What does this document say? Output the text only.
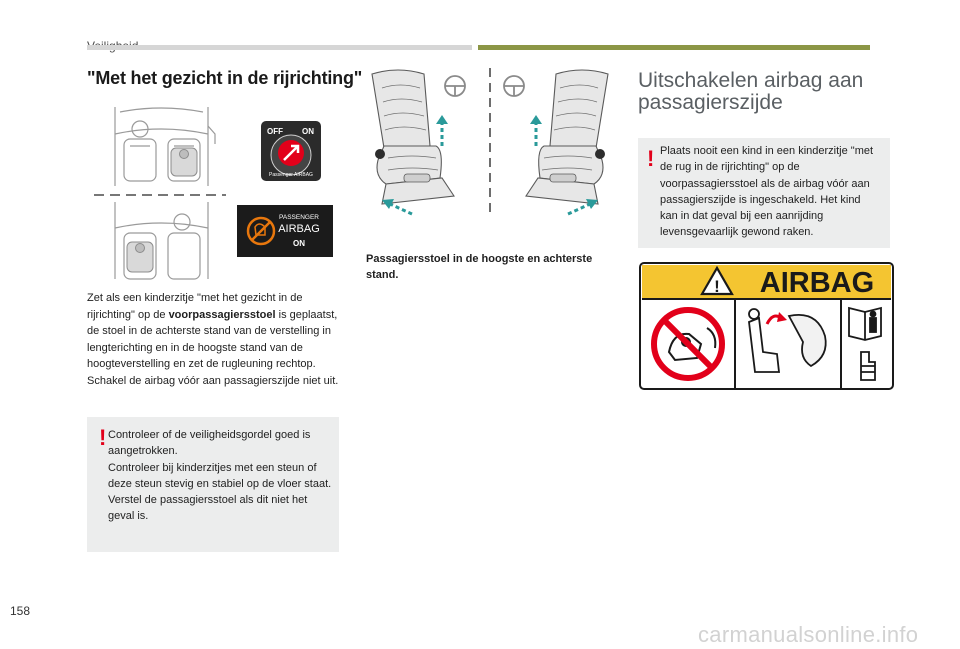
"Met het gezicht in de rijrichting"
OFF ON
Passenger AIRBAG
PASSENGER
AIRBAG
ON
Zet als een kinderzitje "met het gezicht in de rijrichting" op de voorpassagiersstoel is geplaatst, de stoel in de achterste stand van de verstelling in lengterichting en in de hoogste stand van de hoogteverstelling en zet de rugleuning rechtop. Schakel de airbag vóór aan passagierszijde niet uit.
! Controleer of de veiligheidsgordel goed is aangetrokken.
Controleer bij kinderzitjes met een steun of deze steun stevig en stabiel op de vloer staat. Verstel de passagiersstoel als dit niet het geval is.
Passagiersstoel in de hoogste en achterste stand.
Uitschakelen airbag aan passagierszijde
! Plaats nooit een kind in een kinderzitje "met de rug in de rijrichting" op de voorpassagiersstoel als de airbag vóór aan passagierszijde is ingeschakeld. Het kind kan in dat geval bij een aanrijding levensgevaarlijk gewond raken.
! AIRBAG
158
carmanualsonline.info
